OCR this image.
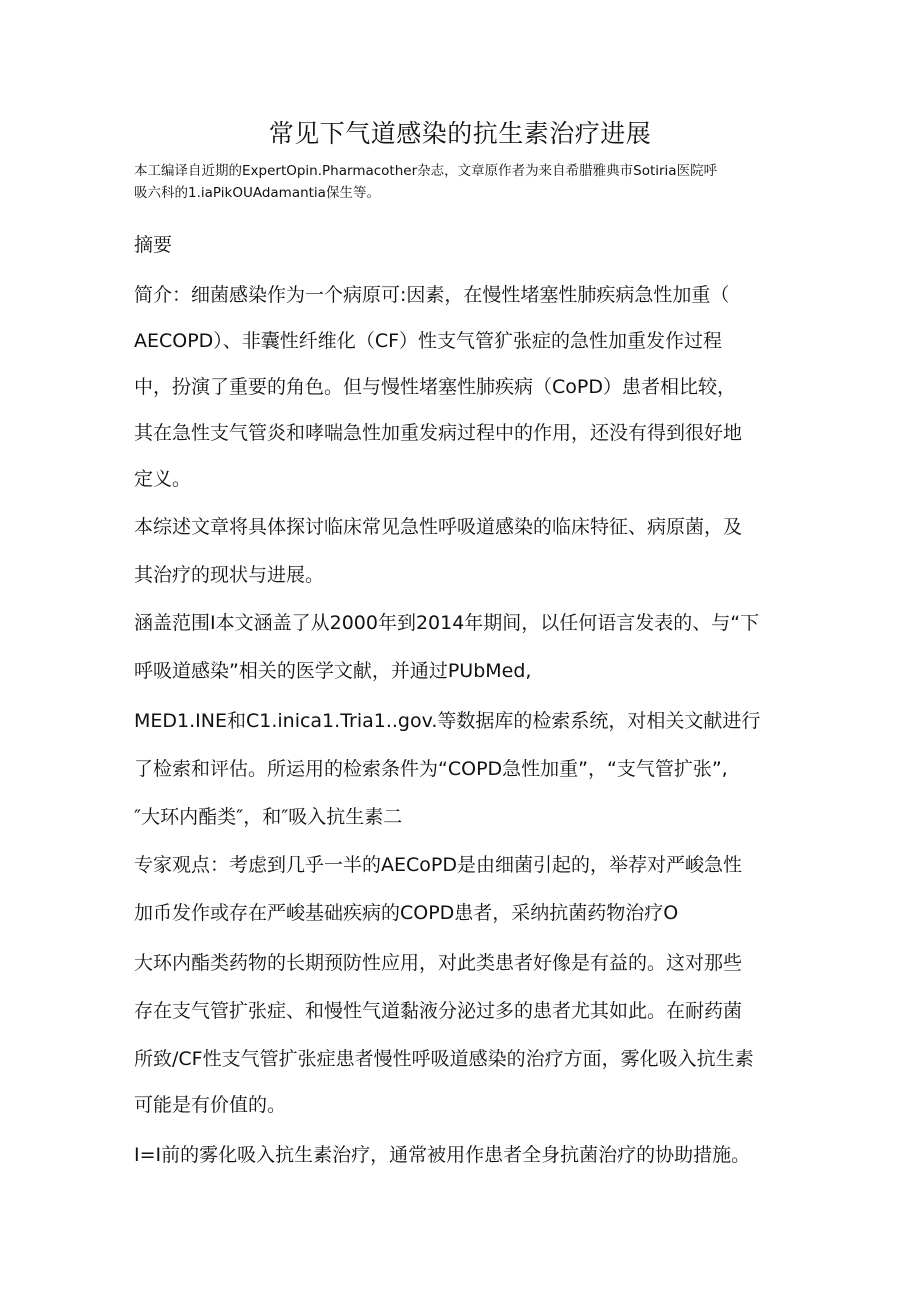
常见下气道感染的抗生素治疗进展

本工编译自近期的ExpertOpin.Pharmacother杂志，文章原作者为来自希腊雅典市Sotiria医院呼
吸六科的1.iaPikOUAdamantia保生等。

摘要
简介：细菌感染作为一个病原可:因素，在慢性堵塞性肺疾病急性加重（
AECOPD）、非囊性纤维化（CF）性支气管犷张症的急性加重发作过程
中，扮演了重要的角色。但与慢性堵塞性肺疾病（CoPD）患者相比较，
其在急性支气管炎和哮喘急性加重发病过程中的作用，还没有得到很好地
定义。
本综述文章将具体探讨临床常见急性呼吸道感染的临床特征、病原菌，及
其治疗的现状与进展。
涵盖范围I本文涵盖了从2000年到2014年期间，以任何语言发表的、与“下
呼吸道感染”相关的医学文献，并通过PUbMed,
MED1.INE和C1.inica1.Tria1..gov.等数据库的检索系统，对相关文献进行
了检索和评估。所运用的检索条件为“COPD急性加重”，“支气管扩张”,
″大环内酯类″，和″吸入抗生素二
专家观点：考虑到几乎一半的AECoPD是由细菌引起的，举荐对严峻急性
加币发作或存在严峻基础疾病的COPD患者，采纳抗菌药物治疗O
大环内酯类药物的长期预防性应用，对此类患者好像是有益的。这对那些
存在支气管扩张症、和慢性气道黏液分泌过多的患者尤其如此。在耐药菌
所致/CF性支气管扩张症患者慢性呼吸道感染的治疗方面，雾化吸入抗生素
可能是有价值的。
I=I前的雾化吸入抗生素治疗，通常被用作患者全身抗菌治疗的协助措施。
